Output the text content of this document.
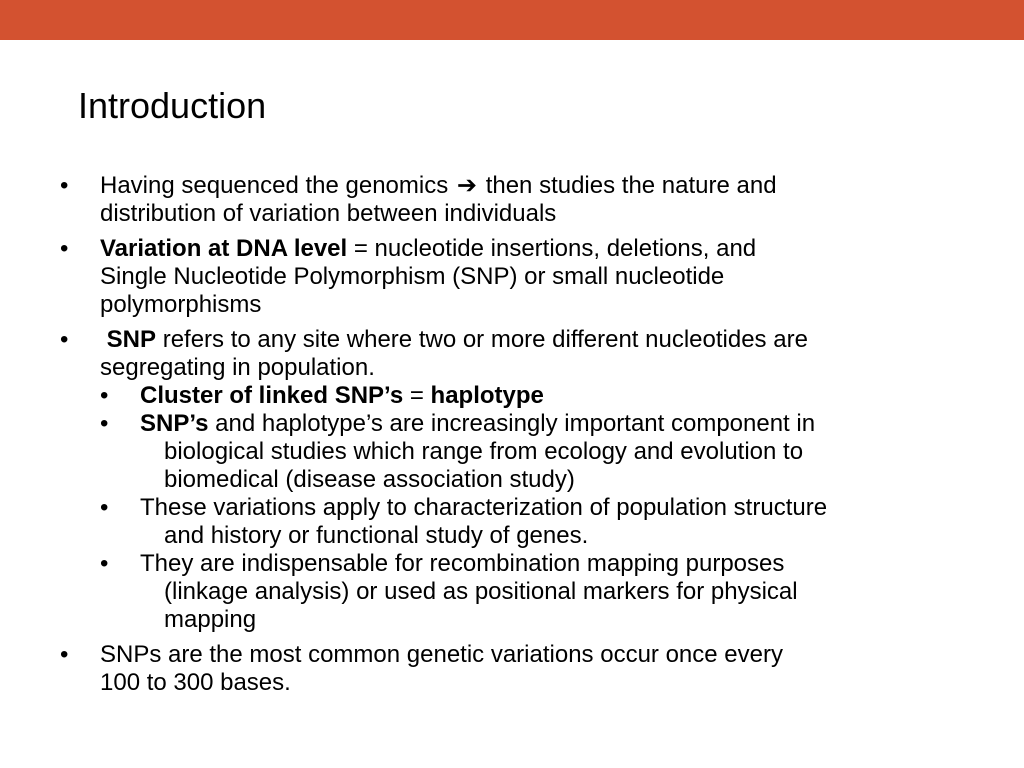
Introduction
• Having sequenced the genomics ➔ then studies the nature and
distribution of variation between individuals
• Variation at DNA level = nucleotide insertions, deletions, and
Single Nucleotide Polymorphism (SNP) or small nucleotide
polymorphisms
• SNP refers to any site where two or more different nucleotides are
segregating in population.
• Cluster of linked SNP’s = haplotype
• SNP’s and haplotype’s are increasingly important component in
biological studies which range from ecology and evolution to
biomedical (disease association study)
• These variations apply to characterization of population structure
and history or functional study of genes.
• They are indispensable for recombination mapping purposes
(linkage analysis) or used as positional markers for physical
mapping
• SNPs are the most common genetic variations occur once every
100 to 300 bases.
